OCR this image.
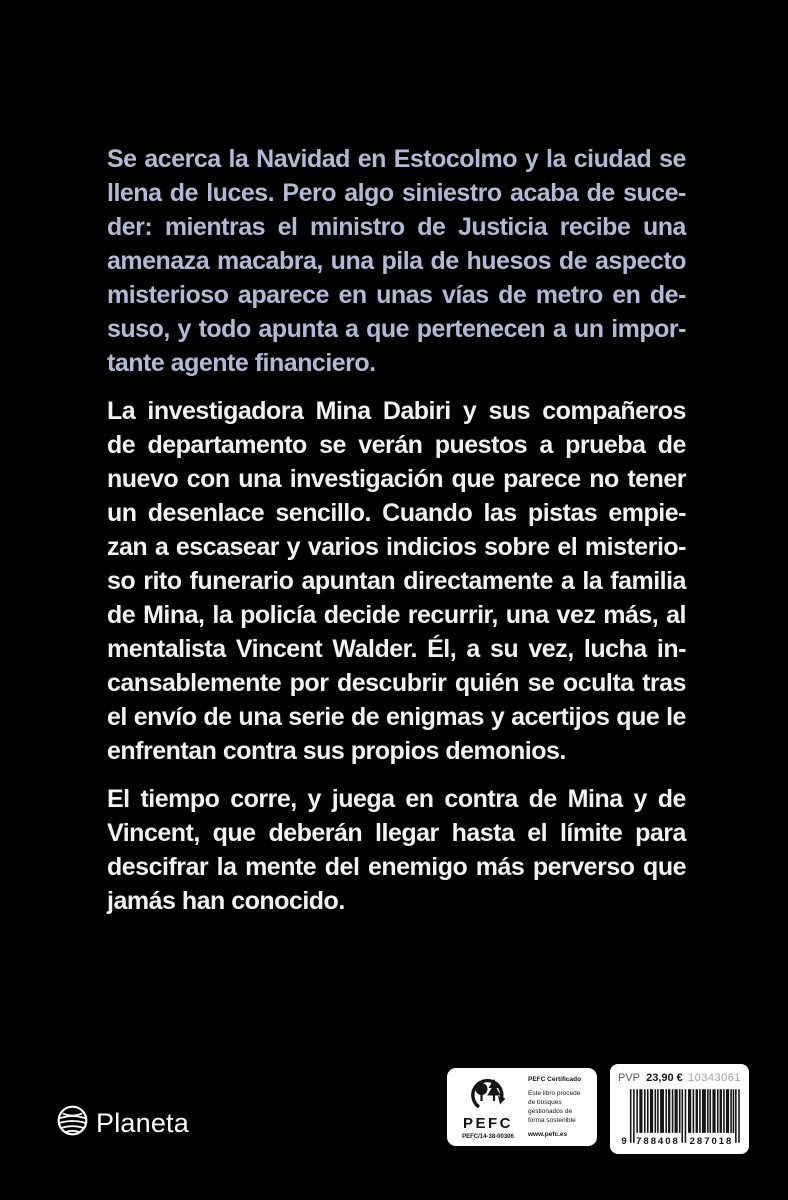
Se acerca la Navidad en Estocolmo y la ciudad se
llena de luces. Pero algo siniestro acaba de suce-
der: mientras el ministro de Justicia recibe una
amenaza macabra, una pila de huesos de aspecto
misterioso aparece en unas vías de metro en de-
suso, y todo apunta a que pertenecen a un impor-
tante agente financiero.
La investigadora Mina Dabiri y sus compañeros
de departamento se verán puestos a prueba de
nuevo con una investigación que parece no tener
un desenlace sencillo. Cuando las pistas empie-
zan a escasear y varios indicios sobre el misterio-
so rito funerario apuntan directamente a la familia
de Mina, la policía decide recurrir, una vez más, al
mentalista Vincent Walder. Él, a su vez, lucha in-
cansablemente por descubrir quién se oculta tras
el envío de una serie de enigmas y acertijos que le
enfrentan contra sus propios demonios.
El tiempo corre, y juega en contra de Mina y de
Vincent, que deberán llegar hasta el límite para
descifrar la mente del enemigo más perverso que
jamás han conocido.
Planeta	PEFC
PEFC/14-38-00306
PEFC Certificado
Este libro procede de bosques gestionados de forma sostenible
www.pefc.es
PVP 23,90 € 10343061
9	788408 287018
